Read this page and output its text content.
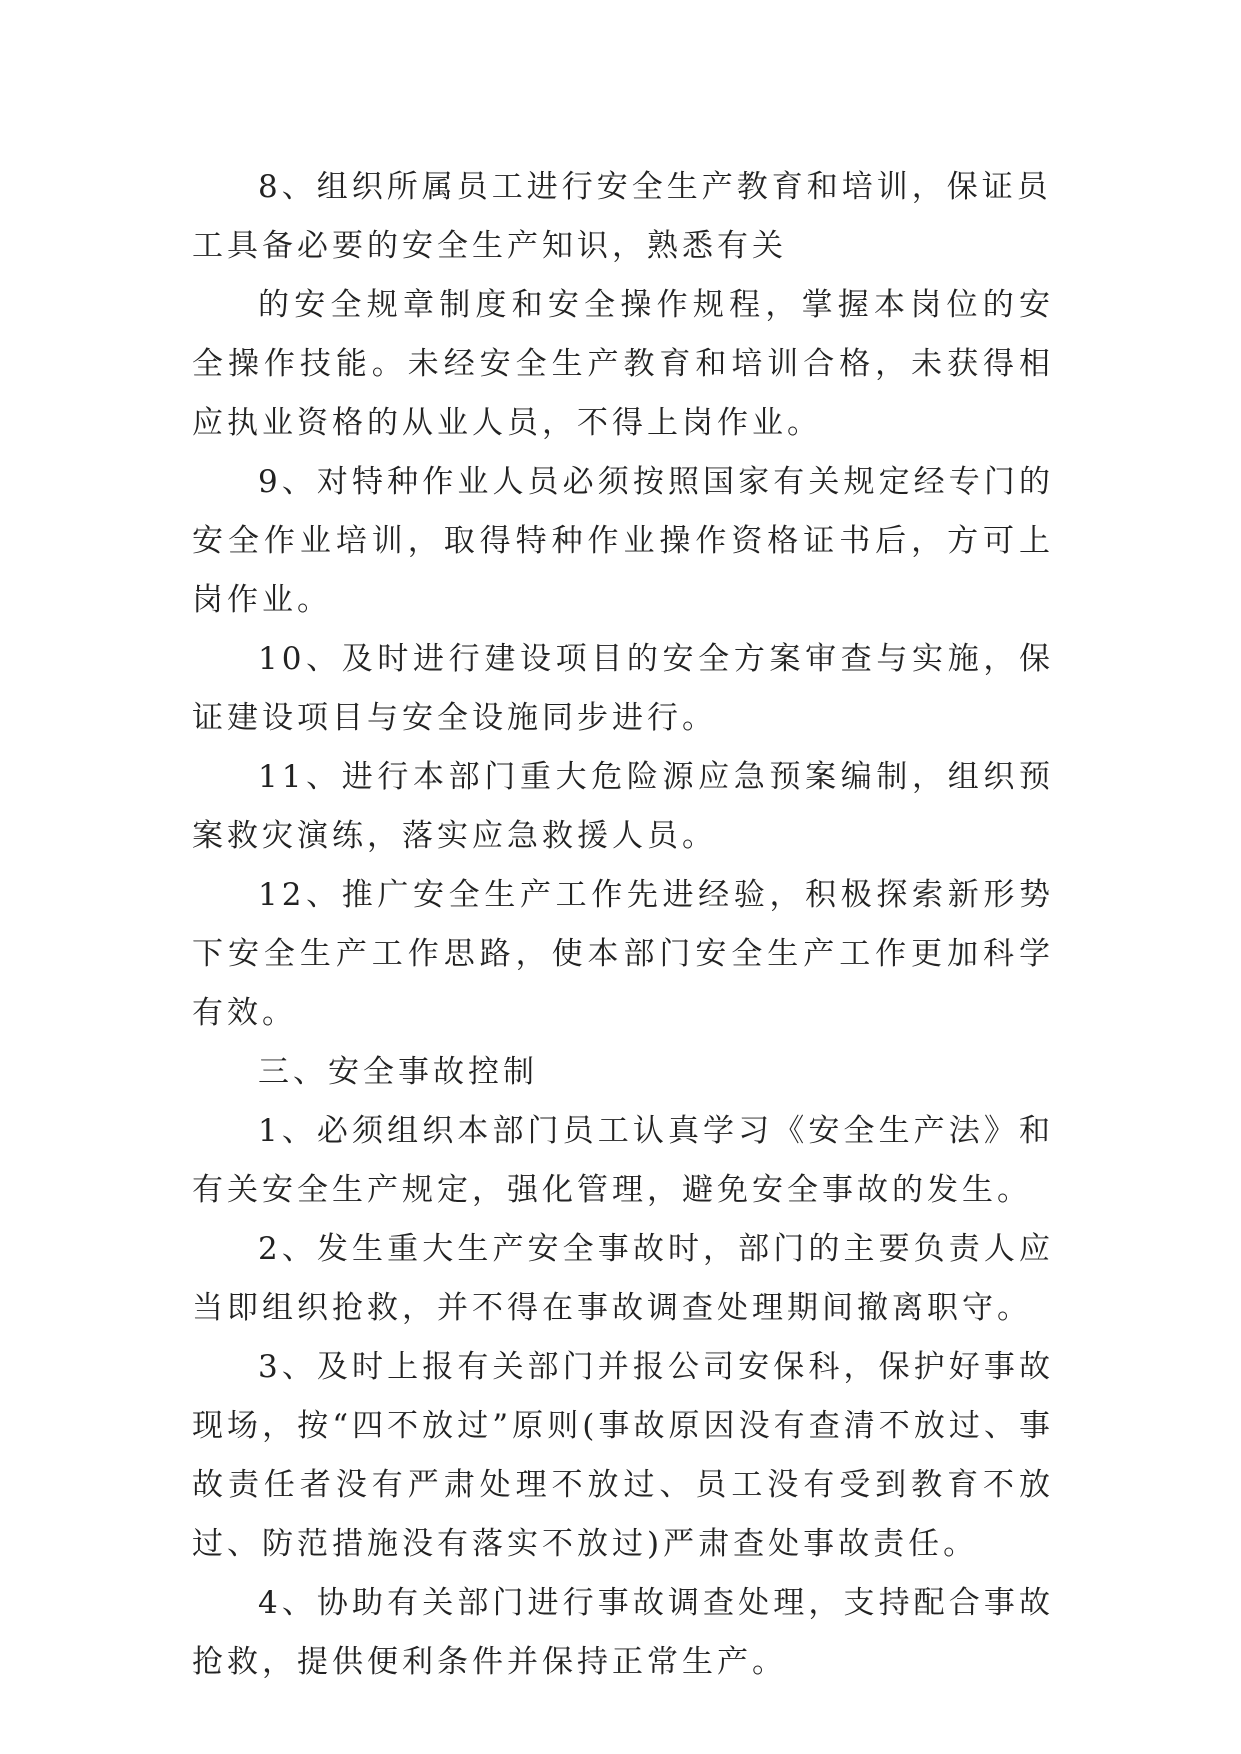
8、组织所属员工进行安全生产教育和培训，保证员工具备必要的安全生产知识，熟悉有关

的安全规章制度和安全操作规程，掌握本岗位的安全操作技能。未经安全生产教育和培训合格，未获得相应执业资格的从业人员，不得上岗作业。

9、对特种作业人员必须按照国家有关规定经专门的安全作业培训，取得特种作业操作资格证书后，方可上岗作业。

10、及时进行建设项目的安全方案审查与实施，保证建设项目与安全设施同步进行。

11、进行本部门重大危险源应急预案编制，组织预案救灾演练，落实应急救援人员。

12、推广安全生产工作先进经验，积极探索新形势下安全生产工作思路，使本部门安全生产工作更加科学有效。

三、安全事故控制

1、必须组织本部门员工认真学习《安全生产法》和有关安全生产规定，强化管理，避免安全事故的发生。

2、发生重大生产安全事故时，部门的主要负责人应当即组织抢救，并不得在事故调查处理期间撤离职守。

3、及时上报有关部门并报公司安保科，保护好事故现场，按“四不放过”原则(事故原因没有查清不放过、事故责任者没有严肃处理不放过、员工没有受到教育不放过、防范措施没有落实不放过)严肃查处事故责任。

4、协助有关部门进行事故调查处理，支持配合事故抢救，提供便利条件并保持正常生产。
